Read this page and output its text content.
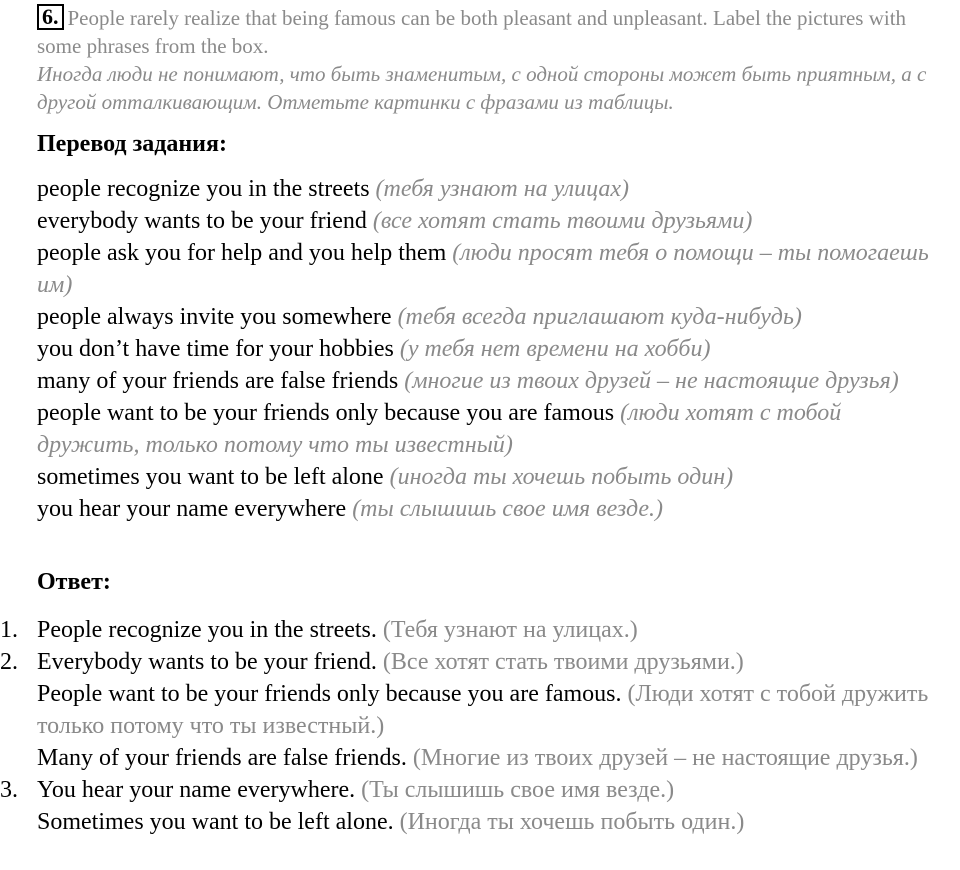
6. People rarely realize that being famous can be both pleasant and unpleasant. Label the pictures with some phrases from the box.
Иногда люди не понимают, что быть знаменитым, с одной стороны может быть приятным, а с другой отталкивающим. Отметьте картинки с фразами из таблицы.
Перевод задания:
people recognize you in the streets (тебя узнают на улицах)
everybody wants to be your friend (все хотят стать твоими друзьями)
people ask you for help and you help them (люди просят тебя о помощи – ты помогаешь им)
people always invite you somewhere (тебя всегда приглашают куда-нибудь)
you don’t have time for your hobbies (у тебя нет времени на хобби)
many of your friends are false friends (многие из твоих друзей – не настоящие друзья)
people want to be your friends only because you are famous (люди хотят с тобой дружить, только потому что ты известный)
sometimes you want to be left alone (иногда ты хочешь побыть один)
you hear your name everywhere (ты слышишь свое имя везде.)
Ответ:
1. People recognize you in the streets. (Тебя узнают на улицах.)
2. Everybody wants to be your friend. (Все хотят стать твоими друзьями.)
People want to be your friends only because you are famous. (Люди хотят с тобой дружить только потому что ты известный.)
Many of your friends are false friends. (Многие из твоих друзей – не настоящие друзья.)
3. You hear your name everywhere. (Ты слышишь свое имя везде.)
Sometimes you want to be left alone. (Иногда ты хочешь побыть один.)
